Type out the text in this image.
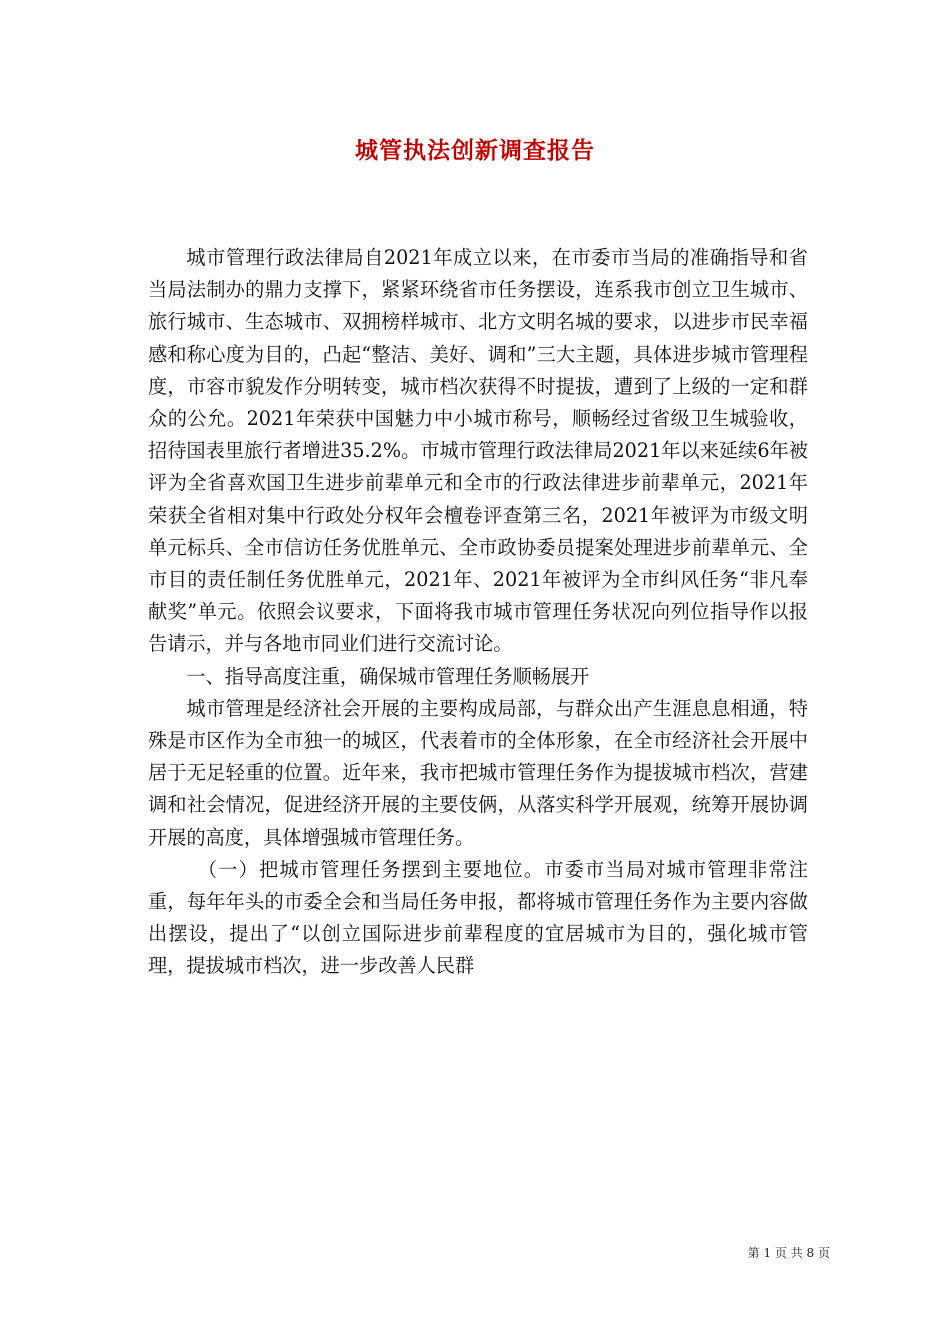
城管执法创新调查报告

城市管理行政法律局自2021年成立以来，在市委市当局的准确指导和省当局法制办的鼎力支撑下，紧紧环绕省市任务摆设，连系我市创立卫生城市、旅行城市、生态城市、双拥榜样城市、北方文明名城的要求，以进步市民幸福感和称心度为目的，凸起“整洁、美好、调和”三大主题，具体进步城市管理程度，市容市貌发作分明转变，城市档次获得不时提拔，遭到了上级的一定和群众的公允。2021年荣获中国魅力中小城市称号，顺畅经过省级卫生城验收，招待国表里旅行者增进35.2%。市城市管理行政法律局2021年以来延续6年被评为全省喜欢国卫生进步前辈单元和全市的行政法律进步前辈单元，2021年荣获全省相对集中行政处分权年会檀卷评查第三名，2021年被评为市级文明单元标兵、全市信访任务优胜单元、全市政协委员提案处理进步前辈单元、全市目的责任制任务优胜单元，2021年、2021年被评为全市纠风任务“非凡奉献奖”单元。依照会议要求，下面将我市城市管理任务状况向列位指导作以报告请示，并与各地市同业们进行交流讨论。

一、指导高度注重，确保城市管理任务顺畅展开

城市管理是经济社会开展的主要构成局部，与群众出产生涯息息相通，特殊是市区作为全市独一的城区，代表着市的全体形象，在全市经济社会开展中居于无足轻重的位置。近年来，我市把城市管理任务作为提拔城市档次，营建调和社会情况，促进经济开展的主要伎俩，从落实科学开展观，统筹开展协调开展的高度，具体增强城市管理任务。

（一）把城市管理任务摆到主要地位。市委市当局对城市管理非常注重，每年年头的市委全会和当局任务申报，都将城市管理任务作为主要内容做出摆设，提出了“以创立国际进步前辈程度的宜居城市为目的，强化城市管理，提拔城市档次，进一步改善人民群

第 1 页 共 8 页
